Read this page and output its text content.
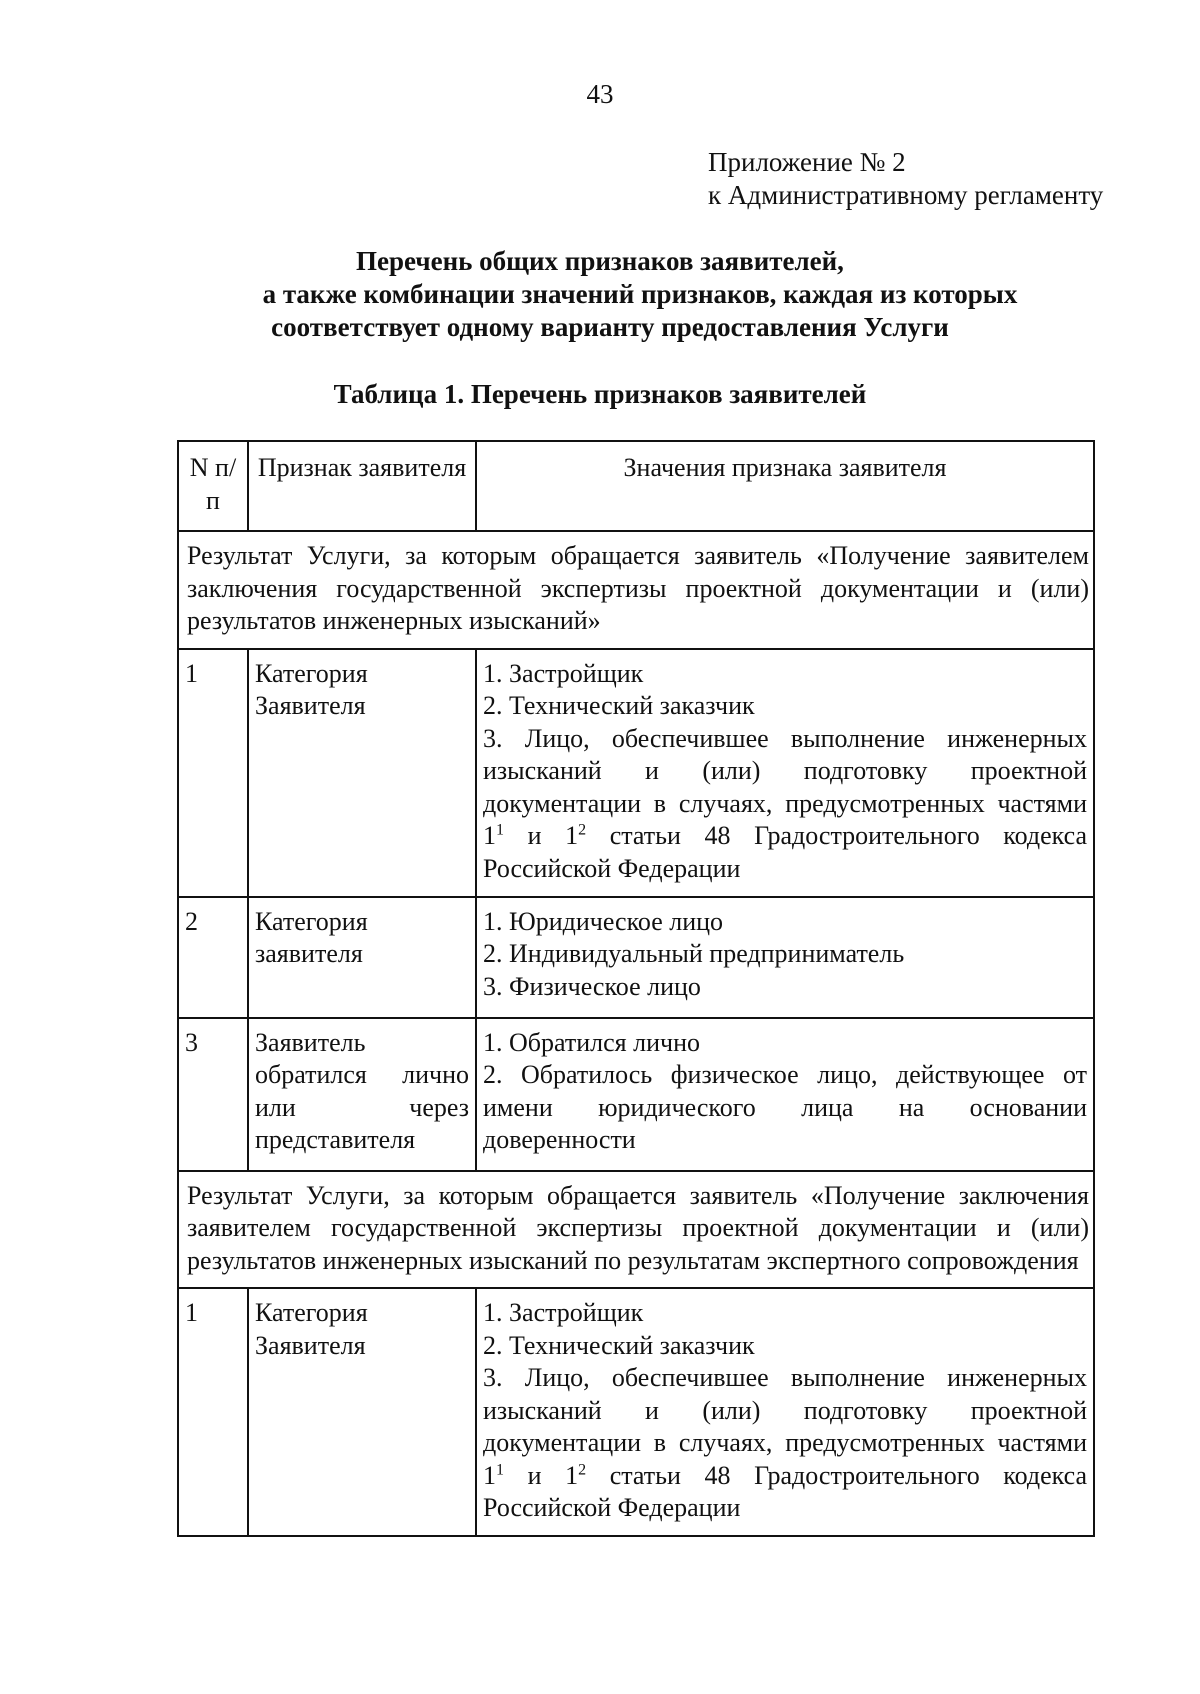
43
Приложение № 2
к Административному регламенту
Перечень общих признаков заявителей,
а также комбинации значений признаков, каждая из которых
соответствует одному варианту предоставления Услуги
Таблица 1. Перечень признаков заявителей
N п/п	Признак заявителя	Значения признака заявителя
Результат Услуги, за которым обращается заявитель «Получение заявителем заключения государственной экспертизы проектной документации и (или) результатов инженерных изысканий»		
1	Категория Заявителя	1. Застройщик
2. Технический заказчик
3. Лицо, обеспечившее выполнение инженерных изысканий и (или) подготовку проектной документации в случаях, предусмотренных частями $1^1$ и $1^2$ статьи 48 Градостроительного кодекса Российской Федерации

2	Категория заявителя	1. Юридическое лицо
2. Индивидуальный предприниматель
3. Физическое лицо

3	Заявитель обратился лично или через представителя	1. Обратился лично
2. Обратилось физическое лицо, действующее от имени юридического лица на основании доверенности

Результат Услуги, за которым обращается заявитель «Получение заключения заявителем государственной экспертизы проектной документации и (или) результатов инженерных изысканий по результатам экспертного сопровождения		
1	Категория Заявителя	1. Застройщик
2. Технический заказчик
3. Лицо, обеспечившее выполнение инженерных изысканий и (или) подготовку проектной документации в случаях, предусмотренных частями $1^1$ и $1^2$ статьи 48 Градостроительного кодекса Российской Федерации
